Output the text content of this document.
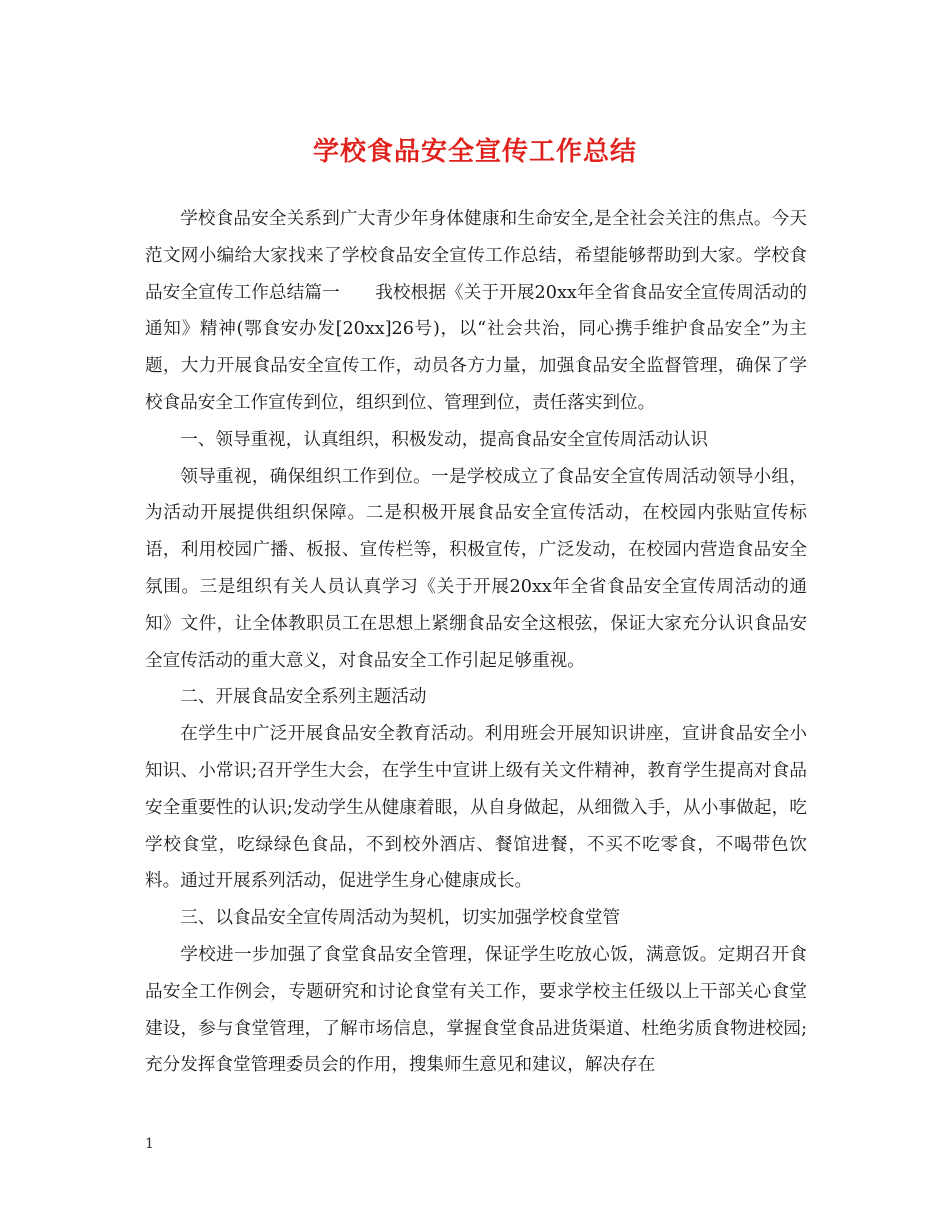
学校食品安全宣传工作总结

学校食品安全关系到广大青少年身体健康和生命安全,是全社会关注的焦点。今天范文网小编给大家找来了学校食品安全宣传工作总结，希望能够帮助到大家。学校食品安全宣传工作总结篇一　　我校根据《关于开展20xx年全省食品安全宣传周活动的通知》精神(鄂食安办发[20xx]26号)，以“社会共治，同心携手维护食品安全”为主题，大力开展食品安全宣传工作，动员各方力量，加强食品安全监督管理，确保了学校食品安全工作宣传到位，组织到位、管理到位，责任落实到位。

一、领导重视，认真组织，积极发动，提高食品安全宣传周活动认识

领导重视，确保组织工作到位。一是学校成立了食品安全宣传周活动领导小组，为活动开展提供组织保障。二是积极开展食品安全宣传活动，在校园内张贴宣传标语，利用校园广播、板报、宣传栏等，积极宣传，广泛发动，在校园内营造食品安全氛围。三是组织有关人员认真学习《关于开展20xx年全省食品安全宣传周活动的通知》文件，让全体教职员工在思想上紧绷食品安全这根弦，保证大家充分认识食品安全宣传活动的重大意义，对食品安全工作引起足够重视。

二、开展食品安全系列主题活动

在学生中广泛开展食品安全教育活动。利用班会开展知识讲座，宣讲食品安全小知识、小常识;召开学生大会，在学生中宣讲上级有关文件精神，教育学生提高对食品安全重要性的认识;发动学生从健康着眼，从自身做起，从细微入手，从小事做起，吃学校食堂，吃绿绿色食品，不到校外酒店、餐馆进餐，不买不吃零食，不喝带色饮料。通过开展系列活动，促进学生身心健康成长。

三、以食品安全宣传周活动为契机，切实加强学校食堂管

学校进一步加强了食堂食品安全管理，保证学生吃放心饭，满意饭。定期召开食品安全工作例会，专题研究和讨论食堂有关工作，要求学校主任级以上干部关心食堂建设，参与食堂管理，了解市场信息，掌握食堂食品进货渠道、杜绝劣质食物进校园;充分发挥食堂管理委员会的作用，搜集师生意见和建议，解决存在

1
